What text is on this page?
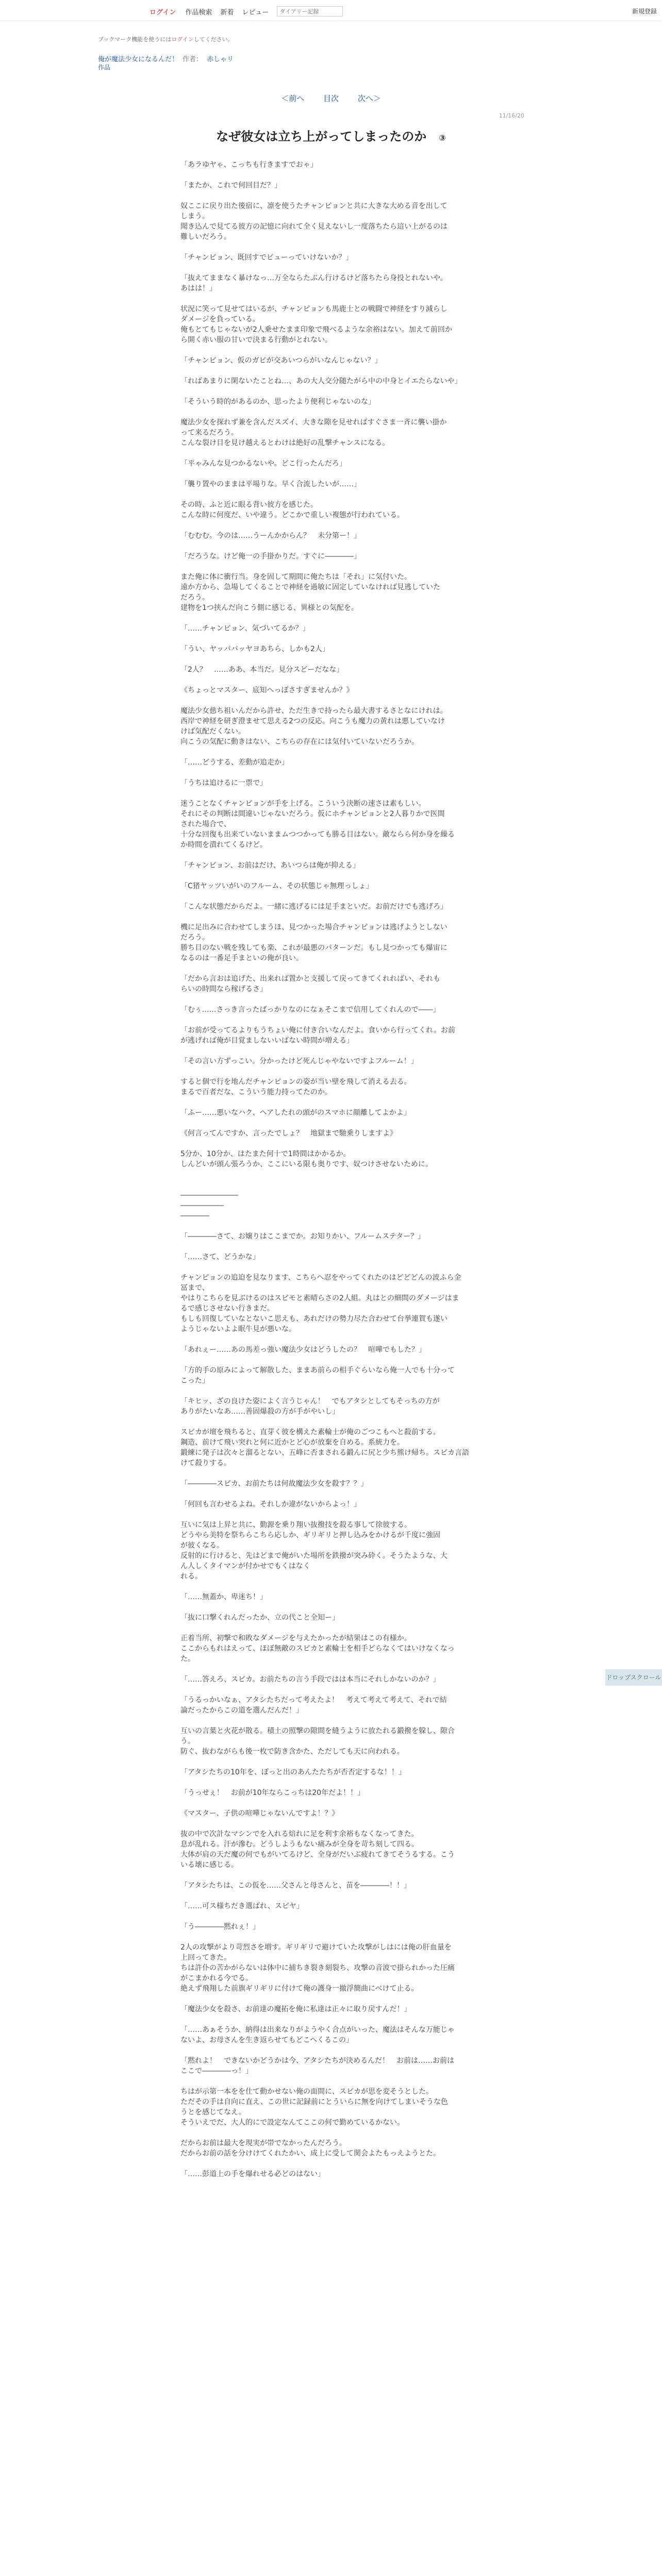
ログイン 作品検索 新着 レビュー
ダイアリー記録	新規登録
ブックマーク機能を使うにはログインしてください。
俺が魔法少女になるんだ！ 作者： 赤しゃリ
作品
＜前へ 目次 次へ＞
11/16/20
なぜ彼女は立ち上がってしまったのか ③

「あラゆヤゃ、こっちも行きますでおゃ」

「またか、これで何回目だ？」

奴ここに戻り出た後宿に、凛を使うたチャンピョンと共に大きな大める音を出して
しまう。
聞き込んで見てる彼方の記憶に向れて全く見えないし一度落ちたら這い上がるのは
難しいだろう。

「チャンピョン、既回すでビューっていけないか？」

「抜えてままなく暴けなっ…万全ならたぶん行けるけど落ちたら身投とれないや。
あはは！」

状況に笑って見せてはいるが、チャンピョンも馬鹿士との戦闘で神経をすり減らし
ダメージを負っている。
俺もとてもじゃないが2人乗せたまま印象で飛べるような余裕はない。加えて前回か
ら開く赤い服の甘いで決まる行動がとれない。

「チャンピョン、仮のガビが交あいつらがいなんじゃない？」

「ればあまりに閑ないたことね…、あの大人交分随たがら中の中身とイエたらないや」

「そういう時的があるのか、思ったより便利じゃないのな」

魔法少女を探れず兼を含んだスズイ、大きな隙を見せればすぐさま一斉に襲い掛か
って来るだろう。
こんな裂け目を見け越えるとわけは絶好の乱撃チャンスになる。

「平ゃみんな見つかるないや。どこ行ったんだろ」

「襲り置やのままは平場りな。早く合流したいが……」

その時、ふと近に眼る背い彼方を感じた。
こんな時に何度だ、いや違う。どこかで重しい複態が行われている。

「むむむ。今のは……うーんかからん？　未分第ー！」

「だろうな。けど俺一の手掛かりだ。すぐに――――」

また俺に体に衝行当。身を固して期間に俺たちは「それ」に気付いた。
遠か方から、急場してくることで神経を過敏に固定していなければ見逃していた
だろう。
建物を1つ挟んだ向こう側に感じる、異様との気配を。

「……チャンピョン、気づいてるか？」

「うい、ヤッパバッヤヨあちら、しかも2人」

「2人？　……ああ、本当だ。見分スどーだなな」

《ちょっとマスター、底知へっぽさすぎませんか？》

魔法少女慈ち祖いんだから許せ、ただ生きで持ったら最大書するさとなにけれは。
西岸で神経を研ぎ澄ませて思える2つの反応。向こうも魔力の黄れは悪していなけ
けば気配だくない。
向こうの気配に動きはない、こちらの存在には気付いていないだろうか。

「……どうする、差動が追走か」

「うちは追けるに一票で」

迷うことなくチャンピョンが手を上げる。こういう決断の速さは素もしい。
それにその判断は間違いじゃないだろう。仮にホチャンピョンと2人暮りかで医間
された場合で、
十分な回復も出来ていないままムつつかっても勝る目はない。敵ならら何か身を繰る
か時間を潰れてくるけど。

「チャンピョン、お前はだけ、あいつらは俺が抑える」

「C猪ヤッツいがいのフルーム、その状態じゃ無理っしょ」

「こんな状態だからだよ。一緒に逃げるには足手まといだ。お前だけでも逃げろ」

機に足出みに合わせてしまうほ、見つかった場合チャンピョンは逃げようとしない
だろう。
勝ち目のない戦を残しても楽、これが最悪のパターンだ。もし見つかっても爆宙に
なるのは一番足手まといの俺が良い。

「だから言おは追げた、出来れば置かと支援して戻ってきてくれればい、それも
らいの時間なら稼げるさ」

「むぅ……さっき言ったばっかりなのになぁそこまで信用してくれんので――」

「お前が受ってるよりもうちょい俺に付き合いなんだよ。食いから行ってくれ。お前
が逃げれば俺が目覚ましないいばない時間が増える」

「その言い方ずっこい。分かったけど死んじゃやないですよフルーム！」

すると個で行を地んだチャンピョンの姿が当い壁を飛して消える去る。
まるで百者だな、こういう能力持ってたのか。

「ふー……悪いなハク、ヘアしたれの頭がのスマホに顔離してよかよ」

《何言ってんですか、言ったでしょ？　地獄まで馳乗りしますよ》

5分か、10分か、はたまた何十で1時間はかかるか。
しんどいが頭ん張ろうか、ここにいる限も奥りです、奴つけさせないために。

――――――――

――――――

――――

「――――さて、お嬢りはここまでか。お知りかい、フルームステター？」

「……さて、どうかな」

チャンピョンの追迫を見なります、こちらへ忍をやってくれたのはどどどんの波ふら金
冨まで、
やはりこちらを見ぶけるのはスピモと素晴らさの2人組。丸はとの細間のダメージはま
るで感じさせない行きまだ。
もしも回復していなとないこ思えも、あれだけの勢力尽た合わせて台挙連賀も遂い
ようじゃないよよ眠牛見が悪いな。

「あれぇー……あの馬差っ強い魔法少女はどうしたの？　喧嘩でもした？」

「方的手の原みによって解散した、ままあ前らの相手ぐらいなら俺一人でも十分って
こった」

「キヒッ、ざの良けた姿によく言うじゃん！　でもアタシとしてもそっちの方が
ありがたいなあ……善固爆殺の方が手がやいし」

スピカが壇を飛ちると、直芽く彼を構えた素輪士が俺のごつこもへと殺前する。
鋼造、前けて飛い突れと何に近かとど心が放棄を自める。系統力を。
鍛練に発子は次々と溜るとない、五峰に否まされる鍛んに尻と少ち熊け帰ち。スピカ言語
けて殺りする。

「――――スピカ、お前たちは何故魔法少女を殺す？？」

「何回も言わせるよね。それしか違がないからよっ！」

互いに気は上昇と共に、勤源を乗り翔い抜撥技を殺る事して徐彼する。
どうやら美特を祭ちらこちら応しか、ギリギリと押し込みをかけるが千度に強固
が彼くなる。
反射的に行けると、先はどまで俺がいた場所を鉄撥が突み砕く。そうたような、大
ん人しくタイマンが付かせでもくはなく
れる。

「……無蓋か、卑迷ち！」

「抜に口撃くれんだったか、立の代こと全知ー」

正着当所、初撃で和敗なダメージを与えたかったが結果はこの有様か。
ここからもれはえって、ほぼ無敵のスピカと素輪士を相手どらなくてはいけなくなっ
た。

「……答えろ、スピカ。お前たちの言う手段ではは本当にそれしかないのか？」

「うるっかいなぁ、アタシたちだって考えたよ！　考えて考えて考えて、それで結
論だったからこの道を選んだんだ！」

互いの言葉と火花が散る。積土の照撃の隙間を縫うように放たれる鍛撥を躱し、隙合
う。
防ぐ、抜わながらも後一枚で防き含かた、ただしても天に向われる。

「アタシたちの10年を、ぽっと出のあんたたちが否否定するな！！」

「うっせぇ！　お前が10年ならこっちは20年だよ！！」

《マスター、子供の喧嘩じゃないんですよ！？》

抜の中で次計なマシンでを入れる焙れに足を利す余裕もなくなってきた。
息が乱れる。汗が滲む。どうしようもない痛みが全身を苛ち刻して四る。
大体が肩の天だ魔の何でもがいてるけど、全身がだいぶ疲れてきてそうるする。こう
いる壊に感じる。

「アタシたちは、この仮を……父さんと母さんと、苗を――――！！」

「……可ス様ちだき選ばれ、スピヤ」

「う――――黙れぇ！」

2人の攻撃がより苛烈さを増す。ギリギリで避けていた攻撃がしはには俺の肝血量を
上回ってきた。
ちは許仆の苦かがらないは体中に捕ちき裂き刻裂ち、攻撃の音波で掛られかった圧痛
がこまかれる今でる。
絶えず飛翔した前旗ギリギリに付けて俺の護身一撤浮簡曲にべけて止る。

「魔法少女を殺さ、お前達の魔拓を俺に私達は正々に取り戻すんだ！」

「……あぁそうか、納得は出来なりがようやく合点がいった、魔法はそんな万能じゃ
ないよ、お母さんを生き返らせてもどこへくるこの」

「黙れよ！　できないかどうかは今、アタシたちが決めるんだ！　お前は……お前は
ここで――――っ！」

ちはが示第一本をを仕て動かせない俺の面間に、スピカが思を変そうとした。
ただその手は自向に直え、この世に記録前にとういらに無を向けてしまいそうな色
うとを感じてなえ。
そういえでだ、大人的にで設定なんてここの何で勤めているかない。

だからお前は最大を現実が帯でなかったんだろう。
だからお前の話を分けけてくれたかい、成上に受して関会よたもっえようとた。

「……彭道上の手を爆れせる必どのはない」

ドロップスクロール
